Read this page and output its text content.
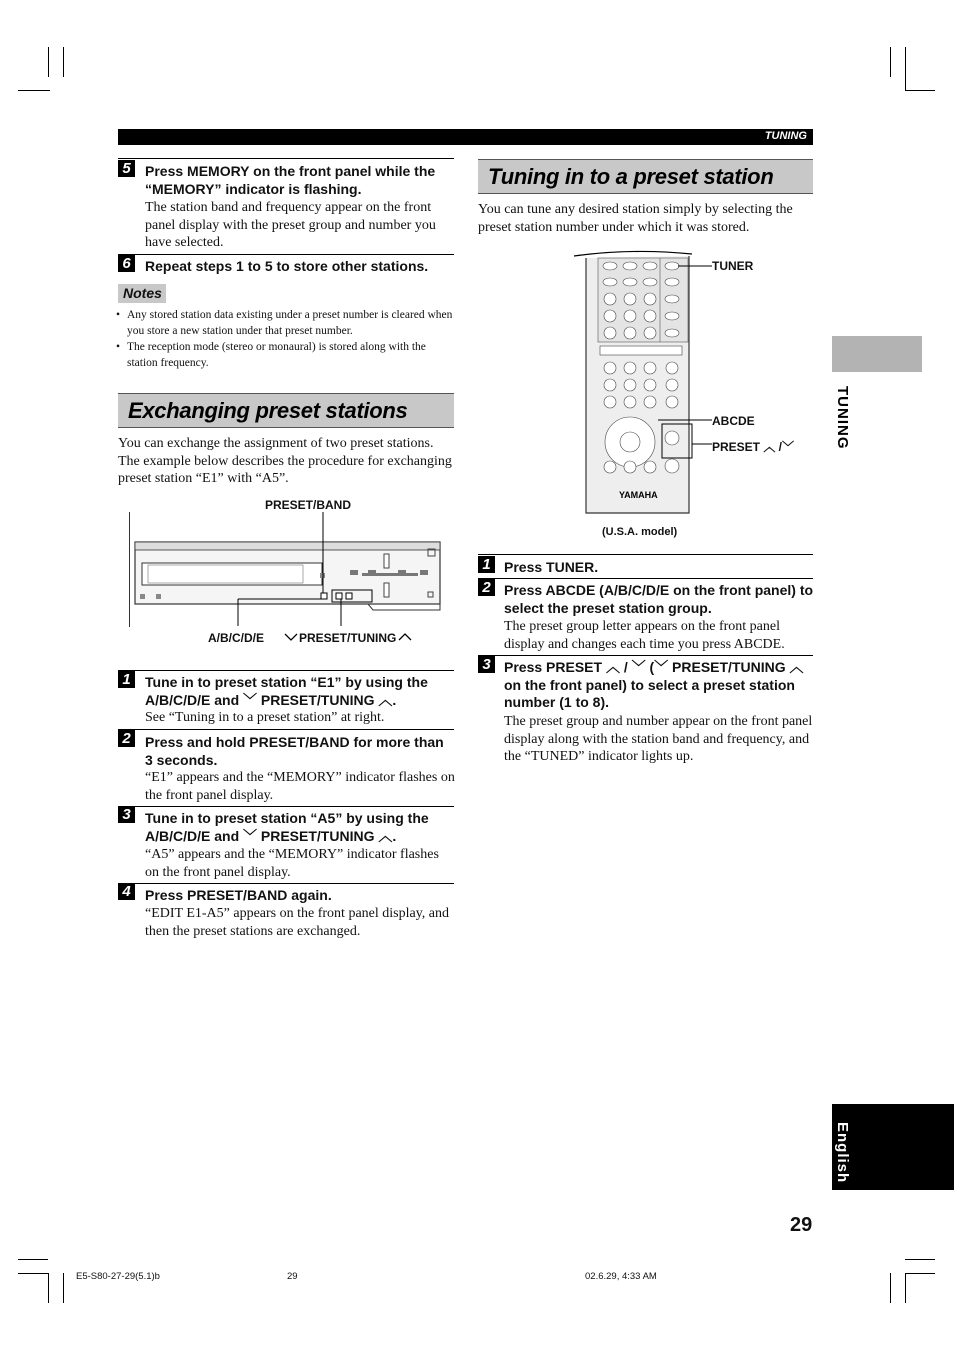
TUNING
5	Press MEMORY on the front panel while the “MEMORY” indicator is flashing.
The station band and frequency appear on the front panel display with the preset group and number you have selected.
6	Repeat steps 1 to 5 to store other stations.
Notes
• Any stored station data existing under a preset number is cleared when you store a new station under that preset number.
• The reception mode (stereo or monaural) is stored along with the station frequency.
Exchanging preset stations
You can exchange the assignment of two preset stations. The example below describes the procedure for exchanging preset station “E1” with “A5”.
PRESET/BAND
A/B/C/D/E	PRESET/TUNING
1	Tune in to preset station “E1” by using the A/B/C/D/E and ﹀ PRESET/TUNING ︿.
See “Tuning in to a preset station” at right.
2	Press and hold PRESET/BAND for more than 3 seconds.
“E1” appears and the “MEMORY” indicator flashes on the front panel display.
3	Tune in to preset station “A5” by using the A/B/C/D/E and ﹀ PRESET/TUNING ︿.
“A5” appears and the “MEMORY” indicator flashes on the front panel display.
4	Press PRESET/BAND again.
“EDIT E1-A5” appears on the front panel display, and then the preset stations are exchanged.
Tuning in to a preset station
You can tune any desired station simply by selecting the preset station number under which it was stored.
YAMAHA
TUNER
ABCDE
PRESET ︿ /﹀
(U.S.A. model)
1 Press TUNER.
2 Press ABCDE (A/B/C/D/E on the front panel) to select the preset station group.
The preset group letter appears on the front panel display and changes each time you press ABCDE.
3 Press PRESET ︿ / ﹀ (﹀ PRESET/TUNING ︿ on the front panel) to select a preset station number (1 to 8).
The preset group and number appear on the front panel display along with the station band and frequency, and the “TUNED” indicator lights up.
TUNING
English
29
E5-S80-27-29(5.1)b	29	02.6.29, 4:33 AM
